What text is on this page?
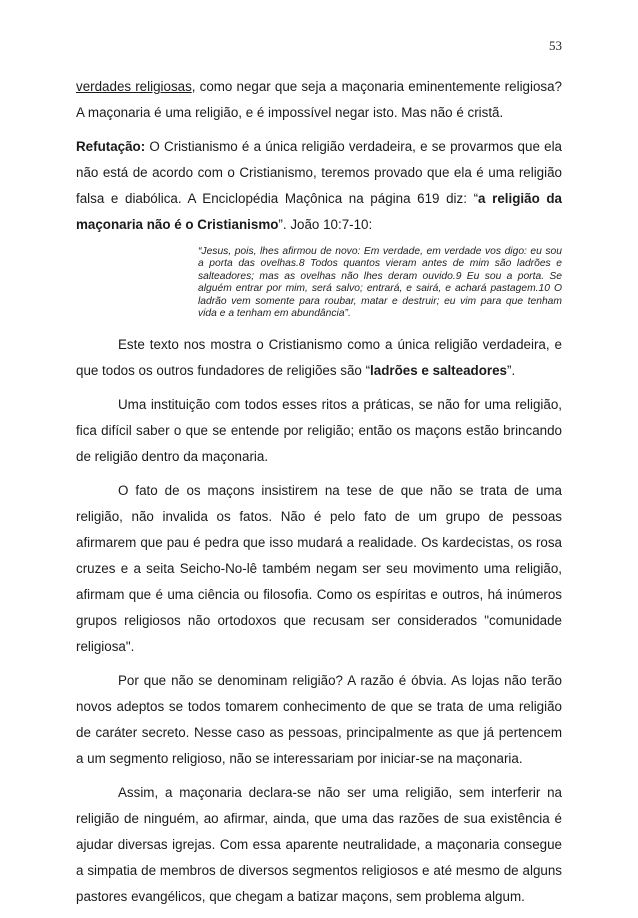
53

verdades religiosas, como negar que seja a maçonaria eminentemente religiosa? A maçonaria é uma religião, e é impossível negar isto. Mas não é cristã.

Refutação: O Cristianismo é a única religião verdadeira, e se provarmos que ela não está de acordo com o Cristianismo, teremos provado que ela é uma religião falsa e diabólica. A Enciclopédia Maçônica na página 619 diz: “a religião da maçonaria não é o Cristianismo”. João 10:7-10:

“Jesus, pois, lhes afirmou de novo: Em verdade, em verdade vos digo: eu sou a porta das ovelhas.8 Todos quantos vieram antes de mim são ladrões e salteadores; mas as ovelhas não lhes deram ouvido.9 Eu sou a porta. Se alguém entrar por mim, será salvo; entrará, e sairá, e achará pastagem.10 O ladrão vem somente para roubar, matar e destruir; eu vim para que tenham vida e a tenham em abundância”.

Este texto nos mostra o Cristianismo como a única religião verdadeira, e que todos os outros fundadores de religiões são “ladrões e salteadores”.

Uma instituição com todos esses ritos a práticas, se não for uma religião, fica difícil saber o que se entende por religião; então os maçons estão brincando de religião dentro da maçonaria.

O fato de os maçons insistirem na tese de que não se trata de uma religião, não invalida os fatos. Não é pelo fato de um grupo de pessoas afirmarem que pau é pedra que isso mudará a realidade. Os kardecistas, os rosa cruzes e a seita Seicho-No-lê também negam ser seu movimento uma religião, afirmam que é uma ciência ou filosofia. Como os espíritas e outros, há inúmeros grupos religiosos não ortodoxos que recusam ser considerados "comunidade religiosa".

Por que não se denominam religião? A razão é óbvia. As lojas não terão novos adeptos se todos tomarem conhecimento de que se trata de uma religião de caráter secreto. Nesse caso as pessoas, principalmente as que já pertencem a um segmento religioso, não se interessariam por iniciar-se na maçonaria.

Assim, a maçonaria declara-se não ser uma religião, sem interferir na religião de ninguém, ao afirmar, ainda, que uma das razões de sua existência é ajudar diversas igrejas. Com essa aparente neutralidade, a maçonaria consegue a simpatia de membros de diversos segmentos religiosos e até mesmo de alguns pastores evangélicos, que chegam a batizar maçons, sem problema algum.
